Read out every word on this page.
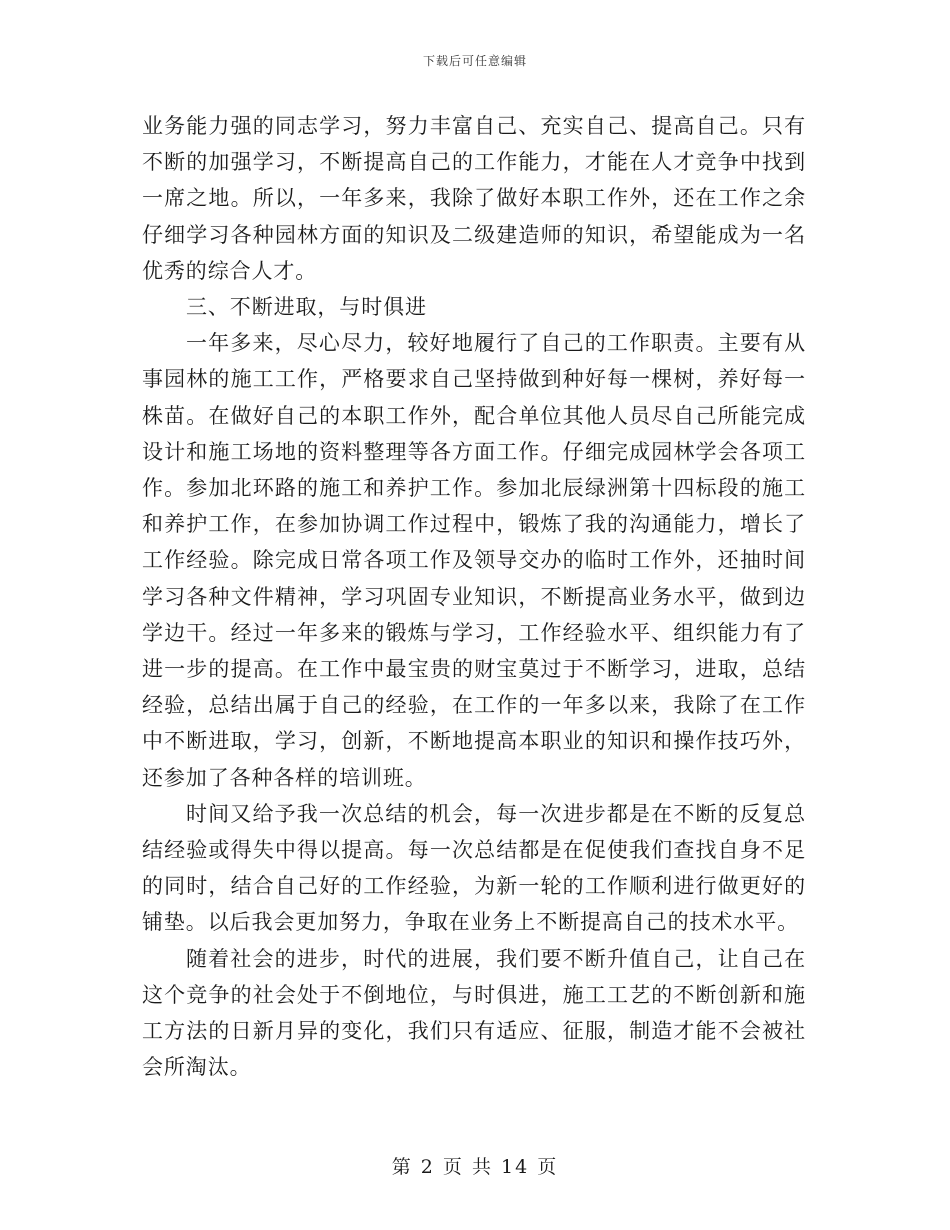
下载后可任意编辑

业务能力强的同志学习，努力丰富自己、充实自己、提高自己。只有不断的加强学习，不断提高自己的工作能力，才能在人才竞争中找到一席之地。所以，一年多来，我除了做好本职工作外，还在工作之余仔细学习各种园林方面的知识及二级建造师的知识，希望能成为一名优秀的综合人才。

三、不断进取，与时俱进

一年多来，尽心尽力，较好地履行了自己的工作职责。主要有从事园林的施工工作，严格要求自己坚持做到种好每一棵树，养好每一株苗。在做好自己的本职工作外，配合单位其他人员尽自己所能完成设计和施工场地的资料整理等各方面工作。仔细完成园林学会各项工作。参加北环路的施工和养护工作。参加北辰绿洲第十四标段的施工和养护工作，在参加协调工作过程中，锻炼了我的沟通能力，增长了工作经验。除完成日常各项工作及领导交办的临时工作外，还抽时间学习各种文件精神，学习巩固专业知识，不断提高业务水平，做到边学边干。经过一年多来的锻炼与学习，工作经验水平、组织能力有了进一步的提高。在工作中最宝贵的财宝莫过于不断学习，进取，总结经验，总结出属于自己的经验，在工作的一年多以来，我除了在工作中不断进取，学习，创新，不断地提高本职业的知识和操作技巧外，还参加了各种各样的培训班。

时间又给予我一次总结的机会，每一次进步都是在不断的反复总结经验或得失中得以提高。每一次总结都是在促使我们查找自身不足的同时，结合自己好的工作经验，为新一轮的工作顺利进行做更好的铺垫。以后我会更加努力，争取在业务上不断提高自己的技术水平。

随着社会的进步，时代的进展，我们要不断升值自己，让自己在这个竞争的社会处于不倒地位，与时俱进，施工工艺的不断创新和施工方法的日新月异的变化，我们只有适应、征服，制造才能不会被社会所淘汰。

第 2 页 共 14 页
